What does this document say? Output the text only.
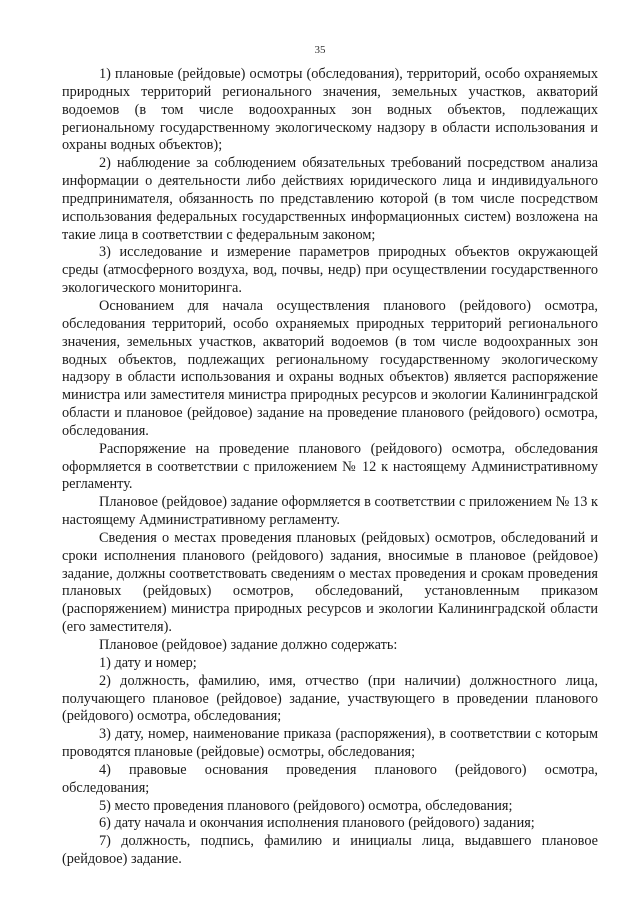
35

1) плановые (рейдовые) осмотры (обследования), территорий, особо охраняемых природных территорий регионального значения, земельных участков, акваторий водоемов (в том числе водоохранных зон водных объектов, подлежащих региональному государственному экологическому надзору в области использования и охраны водных объектов);

2) наблюдение за соблюдением обязательных требований посредством анализа информации о деятельности либо действиях юридического лица и индивидуального предпринимателя, обязанность по представлению которой (в том числе посредством использования федеральных государственных информационных систем) возложена на такие лица в соответствии с федеральным законом;

3) исследование и измерение параметров природных объектов окружающей среды (атмосферного воздуха, вод, почвы, недр) при осуществлении государственного экологического мониторинга.

Основанием для начала осуществления планового (рейдового) осмотра, обследования территорий, особо охраняемых природных территорий регионального значения, земельных участков, акваторий водоемов (в том числе водоохранных зон водных объектов, подлежащих региональному государственному экологическому надзору в области использования и охраны водных объектов) является распоряжение министра или заместителя министра природных ресурсов и экологии Калининградской области и плановое (рейдовое) задание на проведение планового (рейдового) осмотра, обследования.

Распоряжение на проведение планового (рейдового) осмотра, обследования оформляется в соответствии с приложением № 12 к настоящему Административному регламенту.

Плановое (рейдовое) задание оформляется в соответствии с приложением № 13 к настоящему Административному регламенту.

Сведения о местах проведения плановых (рейдовых) осмотров, обследований и сроки исполнения планового (рейдового) задания, вносимые в плановое (рейдовое) задание, должны соответствовать сведениям о местах проведения и срокам проведения плановых (рейдовых) осмотров, обследований, установленным приказом (распоряжением) министра природных ресурсов и экологии Калининградской области (его заместителя).

Плановое (рейдовое) задание должно содержать:

1) дату и номер;

2) должность, фамилию, имя, отчество (при наличии) должностного лица, получающего плановое (рейдовое) задание, участвующего в проведении планового (рейдового) осмотра, обследования;

3) дату, номер, наименование приказа (распоряжения), в соответствии с которым проводятся плановые (рейдовые) осмотры, обследования;

4) правовые основания проведения планового (рейдового) осмотра, обследования;

5) место проведения планового (рейдового) осмотра, обследования;

6) дату начала и окончания исполнения планового (рейдового) задания;

7) должность, подпись, фамилию и инициалы лица, выдавшего плановое (рейдовое) задание.
